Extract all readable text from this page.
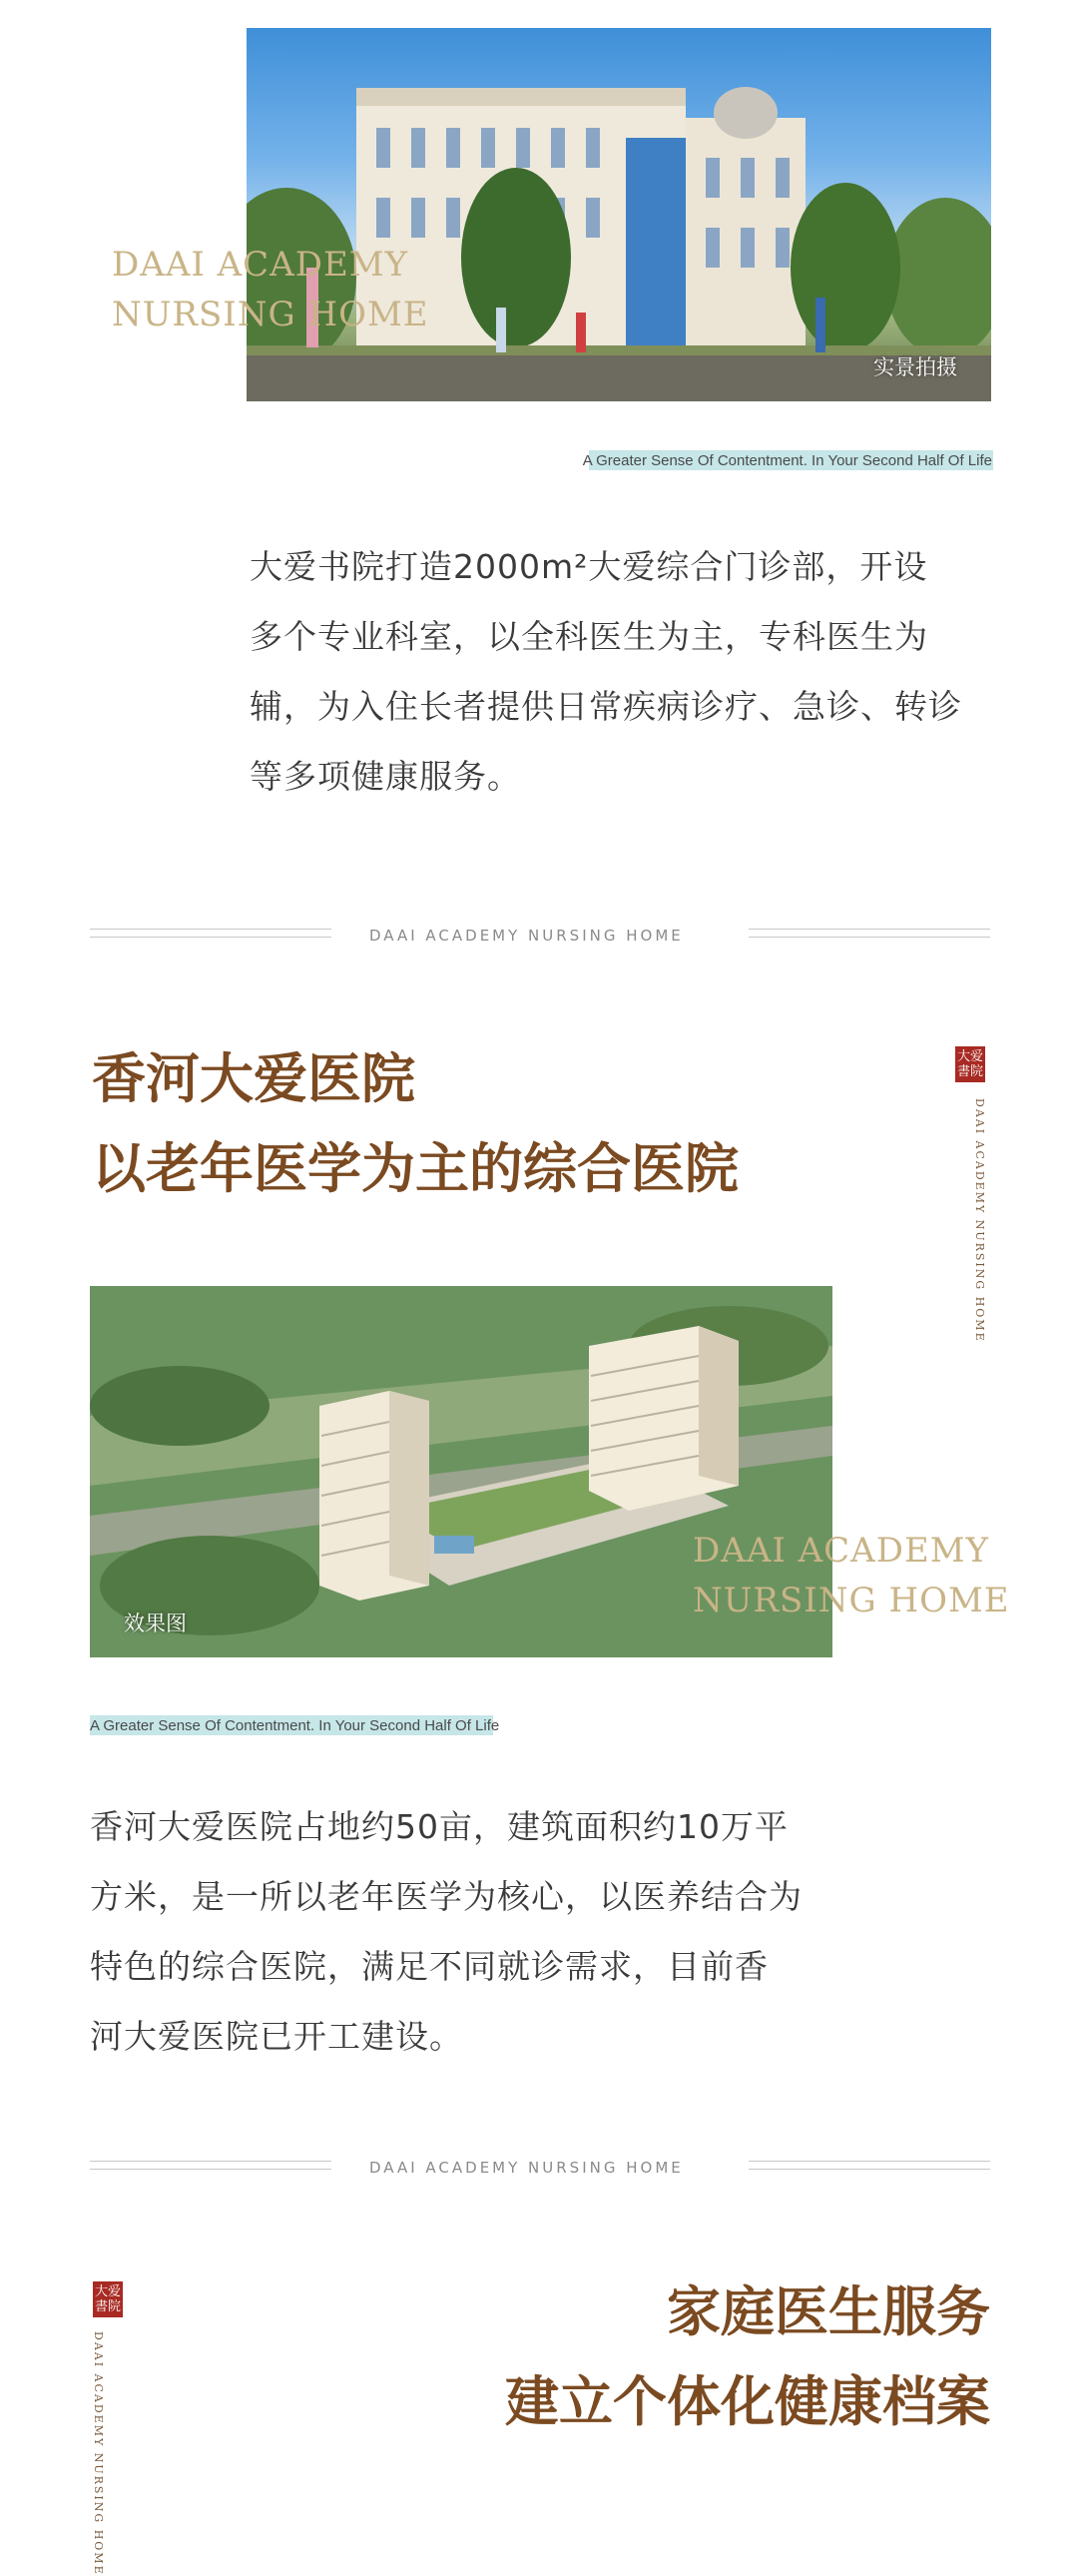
实景拍摄
DAAI ACADEMY
NURSING HOME
A Greater Sense Of Contentment. In Your Second Half Of Life
大爱书院打造2000m²大爱综合门诊部，开设
多个专业科室，以全科医生为主，专科医生为
辅，为入住长者提供日常疾病诊疗、急诊、转诊
等多项健康服务。
DAAI ACADEMY NURSING HOME
香河大爱医院
以老年医学为主的综合医院
大爱書院
DAAI ACADEMY NURSING HOME
效果图
DAAI ACADEMY
NURSING HOME
A Greater Sense Of Contentment. In Your Second Half Of Life
香河大爱医院占地约50亩，建筑面积约10万平
方米，是一所以老年医学为核心，以医养结合为
特色的综合医院，满足不同就诊需求，目前香
河大爱医院已开工建设。
DAAI ACADEMY NURSING HOME
大爱書院
DAAI ACADEMY NURSING HOME
家庭医生服务
建立个体化健康档案
